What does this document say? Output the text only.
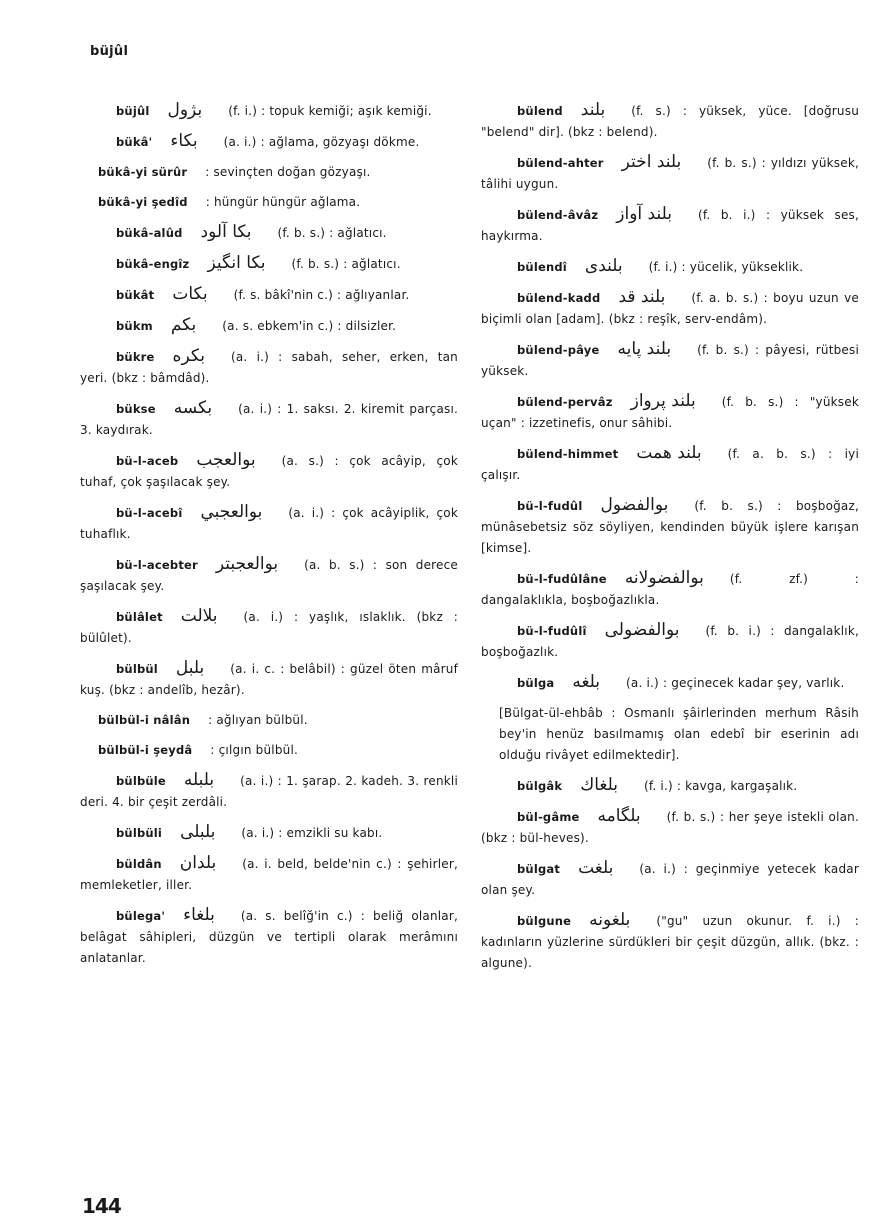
büjûl
büjûl بژول (f. i.) : topuk kemiği; aşık kemiği.
bükâ' بكاء (a. i.) : ağlama, gözyaşı dökme.
bükâ-yi sürûr : sevinçten doğan gözyaşı.
bükâ-yi şedîd : hüngür hüngür ağlama.
bükâ-alûd بكا آلود (f. b. s.) : ağlatıcı.
bükâ-engîz بكا انگيز (f. b. s.) : ağlatıcı.
bükât بكات (f. s. bâkî'nin c.) : ağlıyanlar.
bükm بكم (a. s. ebkem'in c.) : dilsizler.
bükre بكره (a. i.) : sabah, seher, erken, tan yeri. (bkz : bâmdâd).
bükse بكسه (a. i.) : 1. saksı. 2. kiremit parçası. 3. kaydırak.
bü-l-aceb بوالعجب (a. s.) : çok acâyip, çok tuhaf, çok şaşılacak şey.
bü-l-acebî بوالعجبي (a. i.) : çok acâyiplik, çok tuhaflık.
bü-l-acebter بوالعجبتر (a. b. s.) : son derece şaşılacak şey.
bülâlet بلالت (a. i.) : yaşlık, ıslaklık. (bkz : bülûlet).
bülbül بلبل (a. i. c. : belâbil) : güzel öten mâruf kuş. (bkz : andelîb, hezâr).
bülbül-i nâlân : ağlıyan bülbül.
bülbül-i şeydâ : çılgın bülbül.
bülbüle بلبله (a. i.) : 1. şarap. 2. kadeh. 3. renkli deri. 4. bir çeşit zerdâli.
bülbüli بلبلى (a. i.) : emzikli su kabı.
büldân بلدان (a. i. beld, belde'nin c.) : şehirler, memleketler, iller.
bülega' بلغاء (a. s. belîğ'in c.) : beliğ olanlar, belâgat sâhipleri, düzgün ve tertipli olarak merâmını anlatanlar.
bülend بلند (f. s.) : yüksek, yüce. [doğrusu "belend" dir]. (bkz : belend).
bülend-ahter بلند اختر (f. b. s.) : yıldızı yüksek, tâlihi uygun.
bülend-âvâz بلند آواز (f. b. i.) : yüksek ses, haykırma.
bülendî بلندى (f. i.) : yücelik, yükseklik.
bülend-kadd بلند قد (f. a. b. s.) : boyu uzun ve biçimli olan [adam]. (bkz : reşîk, serv-endâm).
bülend-pâye بلند پايه (f. b. s.) : pâyesi, rütbesi yüksek.
bülend-pervâz بلند پرواز (f. b. s.) : "yüksek uçan" : izzetinefis, onur sâhibi.
bülend-himmet بلند همت (f. a. b. s.) : iyi çalışır.
bü-l-fudûl بوالفضول (f. b. s.) : boşboğaz, münâsebetsiz söz söyliyen, kendinden büyük işlere karışan [kimse].
bü-l-fudûlâne بوالفضولانه (f. zf.) : dangalaklıkla, boşboğazlıkla.
bü-l-fudûlî بوالفضولى (f. b. i.) : dangalaklık, boşboğazlık.
bülga بلغه (a. i.) : geçinecek kadar şey, varlık.
[Bülgat-ül-ehbâb : Osmanlı şâirlerinden merhum Râsih bey'in henüz basılmamış olan edebî bir eserinin adı olduğu rivâyet edilmektedir].
bülgâk بلغاك (f. i.) : kavga, kargaşalık.
bül-gâme بلگامه (f. b. s.) : her şeye istekli olan. (bkz : bül-heves).
bülgat بلغت (a. i.) : geçinmiye yetecek kadar olan şey.
bülgune بلغونه ("gu" uzun okunur. f. i.) : kadınların yüzlerine sürdükleri bir çeşit düzgün, allık. (bkz. : algune).
144
